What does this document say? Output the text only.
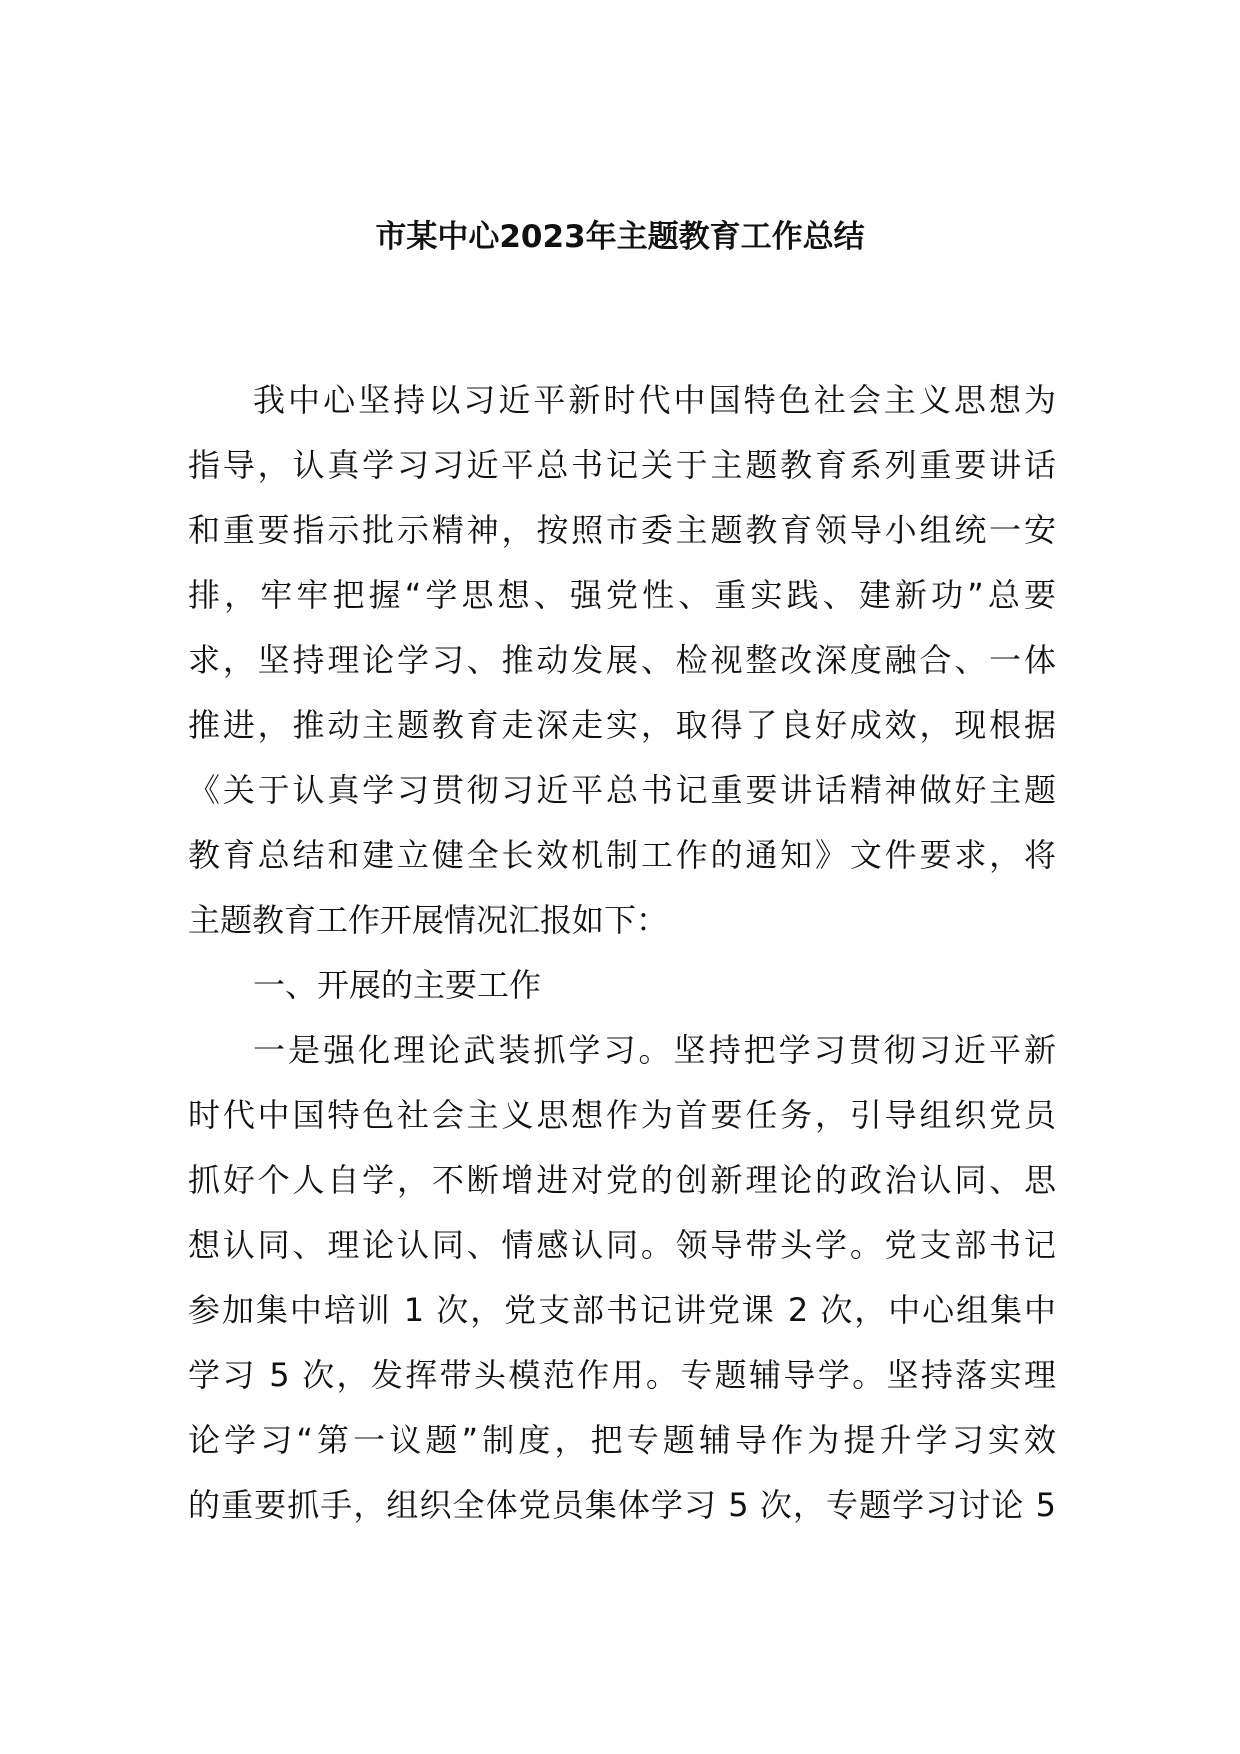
市某中心2023年主题教育工作总结
我中心坚持以习近平新时代中国特色社会主义思想为
指导，认真学习习近平总书记关于主题教育系列重要讲话
和重要指示批示精神，按照市委主题教育领导小组统一安
排，牢牢把握“学思想、强党性、重实践、建新功”总要
求，坚持理论学习、推动发展、检视整改深度融合、一体
推进，推动主题教育走深走实，取得了良好成效，现根据
《关于认真学习贯彻习近平总书记重要讲话精神做好主题
教育总结和建立健全长效机制工作的通知》文件要求，将
主题教育工作开展情况汇报如下：
一、开展的主要工作
一是强化理论武装抓学习。坚持把学习贯彻习近平新
时代中国特色社会主义思想作为首要任务，引导组织党员
抓好个人自学，不断增进对党的创新理论的政治认同、思
想认同、理论认同、情感认同。领导带头学。党支部书记
参加集中培训 1 次，党支部书记讲党课 2 次，中心组集中
学习 5 次，发挥带头模范作用。专题辅导学。坚持落实理
论学习“第一议题”制度，把专题辅导作为提升学习实效
的重要抓手，组织全体党员集体学习 5 次，专题学习讨论 5
